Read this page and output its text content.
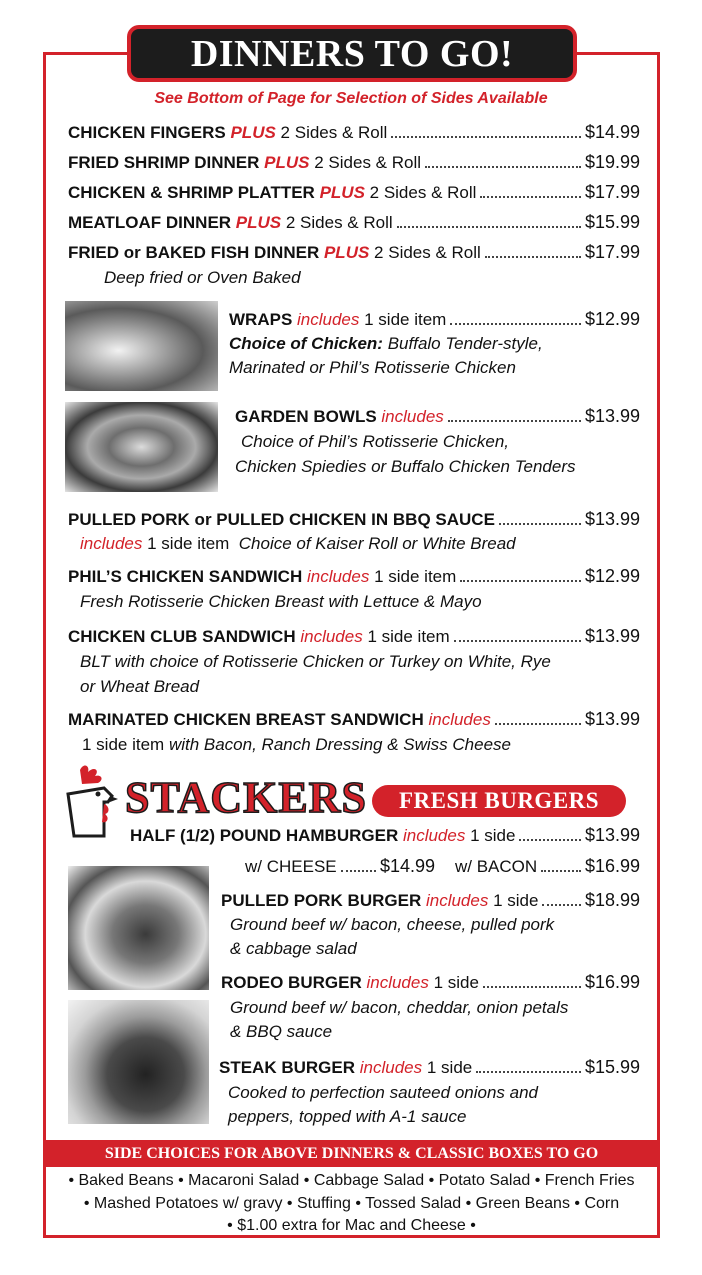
DINNERS TO GO!
See Bottom of Page for Selection of Sides Available
CHICKEN FINGERS
PLUS
2 Sides & Roll	$14.99
FRIED SHRIMP DINNER
PLUS
2 Sides & Roll	$19.99
CHICKEN & SHRIMP PLATTER
PLUS
2 Sides & Roll	$17.99
MEATLOAF DINNER
PLUS
2 Sides & Roll	$15.99
FRIED or BAKED FISH DINNER
PLUS
2 Sides & Roll	$17.99
Deep fried or Oven Baked
WRAPS
includes
1 side item	$12.99
Choice of Chicken: Buffalo Tender-style,
Marinated or Phil’s Rotisserie Chicken
GARDEN BOWLS
includes	$13.99
Choice of Phil’s Rotisserie Chicken,
Chicken Spiedies or Buffalo Chicken Tenders
PULLED PORK or PULLED CHICKEN IN BBQ SAUCE	$13.99
includes 1 side item Choice of Kaiser Roll or White Bread
PHIL’S CHICKEN SANDWICH
includes
1 side item	$12.99
Fresh Rotisserie Chicken Breast with Lettuce & Mayo
CHICKEN CLUB SANDWICH
includes
1 side item	$13.99
BLT with choice of Rotisserie Chicken or Turkey on White, Rye
or Wheat Bread
MARINATED CHICKEN BREAST SANDWICH
includes	$13.99
1 side item with Bacon, Ranch Dressing & Swiss Cheese
STACKERS	FRESH BURGERS
HALF (1/2) POUND HAMBURGER
includes
1 side	$13.99
w/ CHEESE $14.99 w/ BACON	$16.99
PULLED PORK BURGER
includes
1 side	$18.99
Ground beef w/ bacon, cheese, pulled pork
& cabbage salad
RODEO BURGER
includes
1 side	$16.99
Ground beef w/ bacon, cheddar, onion petals
& BBQ sauce
STEAK BURGER
includes
1 side	$15.99
Cooked to perfection sauteed onions and
peppers, topped with A-1 sauce
SIDE CHOICES FOR ABOVE DINNERS & CLASSIC BOXES TO GO
• Baked Beans • Macaroni Salad • Cabbage Salad • Potato Salad • French Fries
• Mashed Potatoes w/ gravy • Stuffing • Tossed Salad • Green Beans • Corn
• $1.00 extra for Mac and Cheese •
